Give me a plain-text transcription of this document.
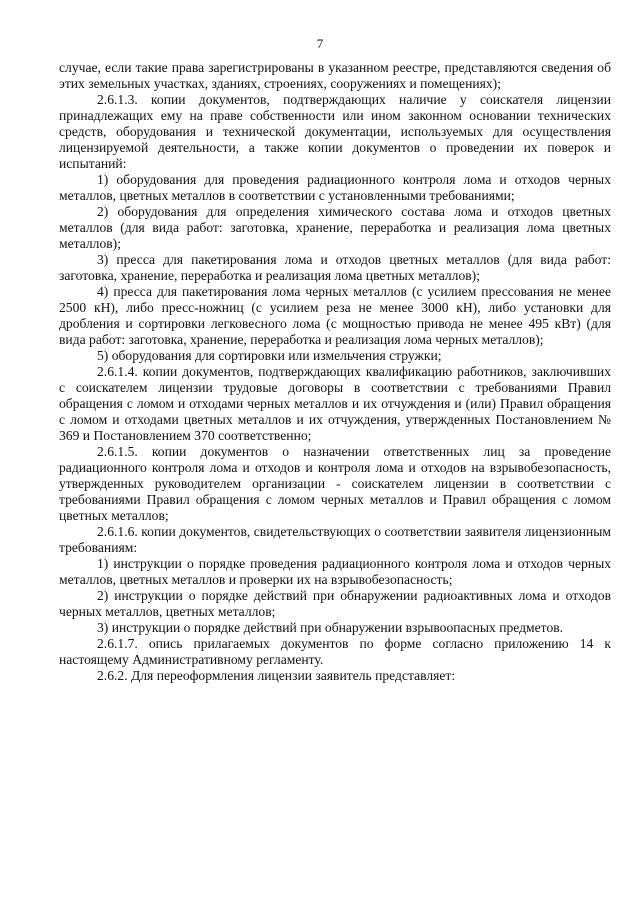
7

случае, если такие права зарегистрированы в указанном реестре, представляются сведения об этих земельных участках, зданиях, строениях, сооружениях и помещениях);

2.6.1.3. копии документов, подтверждающих наличие у соискателя лицензии принадлежащих ему на праве собственности или ином законном основании технических средств, оборудования и технической документации, используемых для осуществления лицензируемой деятельности, а также копии документов о проведении их поверок и испытаний:

1) оборудования для проведения радиационного контроля лома и отходов черных металлов, цветных металлов в соответствии с установленными требованиями;

2) оборудования для определения химического состава лома и отходов цветных металлов (для вида работ: заготовка, хранение, переработка и реализация лома цветных металлов);

3) пресса для пакетирования лома и отходов цветных металлов (для вида работ: заготовка, хранение, переработка и реализация лома цветных металлов);

4) пресса для пакетирования лома черных металлов (с усилием прессования не менее 2500 кН), либо пресс-ножниц (с усилием реза не менее 3000 кН), либо установки для дробления и сортировки легковесного лома (с мощностью привода не менее 495 кВт) (для вида работ: заготовка, хранение, переработка и реализация лома черных металлов);

5) оборудования для сортировки или измельчения стружки;

2.6.1.4. копии документов, подтверждающих квалификацию работников, заключивших с соискателем лицензии трудовые договоры в соответствии с требованиями Правил обращения с ломом и отходами черных металлов и их отчуждения и (или) Правил обращения с ломом и отходами цветных металлов и их отчуждения, утвержденных Постановлением № 369 и Постановлением 370 соответственно;

2.6.1.5. копии документов о назначении ответственных лиц за проведение радиационного контроля лома и отходов и контроля лома и отходов на взрывобезопасность, утвержденных руководителем организации - соискателем лицензии в соответствии с требованиями Правил обращения с ломом черных металлов и Правил обращения с ломом цветных металлов;

2.6.1.6. копии документов, свидетельствующих о соответствии заявителя лицензионным требованиям:

1) инструкции о порядке проведения радиационного контроля лома и отходов черных металлов, цветных металлов и проверки их на взрывобезопасность;

2) инструкции о порядке действий при обнаружении радиоактивных лома и отходов черных металлов, цветных металлов;

3) инструкции о порядке действий при обнаружении взрывоопасных предметов.

2.6.1.7. опись прилагаемых документов по форме согласно приложению 14 к настоящему Административному регламенту.

2.6.2. Для переоформления лицензии заявитель представляет:
